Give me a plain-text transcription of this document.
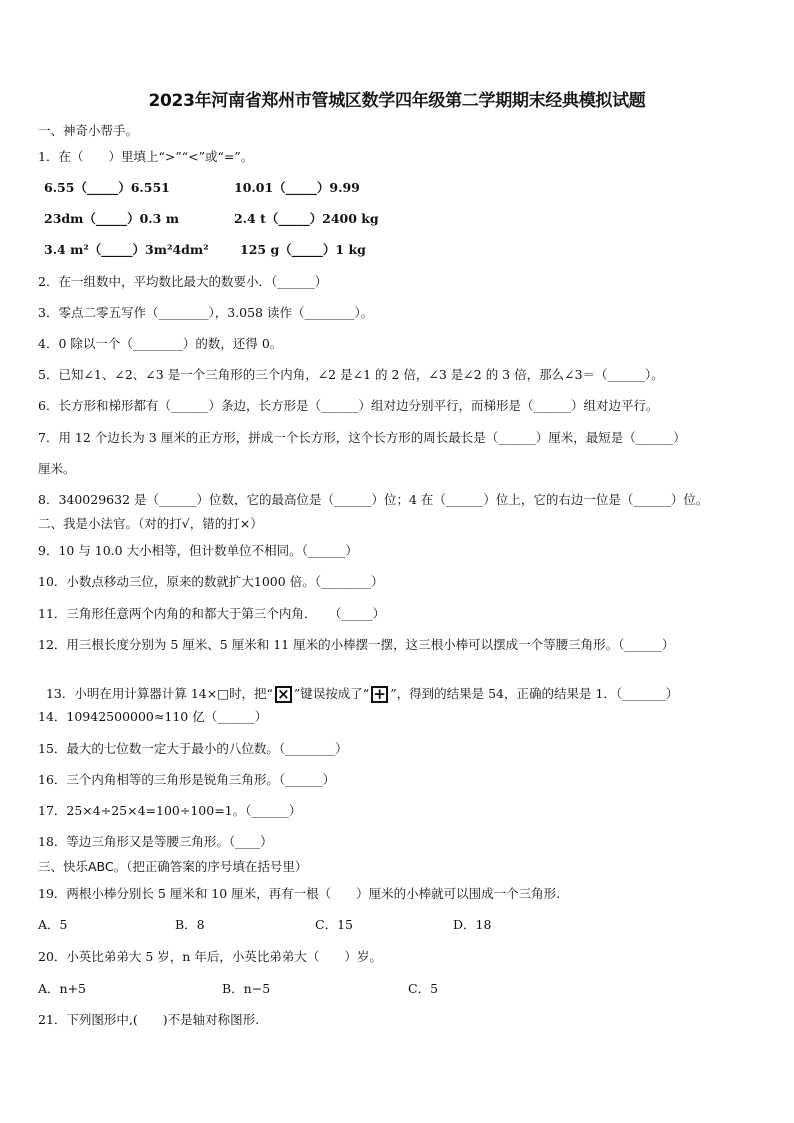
2023年河南省郑州市管城区数学四年级第二学期期末经典模拟试题
一、神奇小帮手。
1．在（　　）里填上“>”“<”或“=”。
6.55（_____）6.551	10.01（_____）9.99
23dm（_____）0.3 m	2.4 t（_____）2400 kg
3.4 m²（_____）3m²4dm²	125 g（_____）1 kg
2．在一组数中，平均数比最大的数要小．（______）
3．零点二零五写作（________），3.058 读作（________）。
4．0 除以一个（________）的数，还得 0。
5．已知∠1、∠2、∠3 是一个三角形的三个内角，∠2 是∠1 的 2 倍，∠3 是∠2 的 3 倍，那么∠3＝（______）。
6．长方形和梯形都有（______）条边，长方形是（______）组对边分别平行，而梯形是（______）组对边平行。
7．用 12 个边长为 3 厘米的正方形，拼成一个长方形，这个长方形的周长最长是（______）厘米，最短是（______）
厘米。
8．340029632 是（______）位数，它的最高位是（______）位；4 在（______）位上，它的右边一位是（______）位。
二、我是小法官。（对的打√，错的打×）
9．10 与 10.0 大小相等，但计数单位不相同。（______）
10．小数点移动三位，原来的数就扩大1000 倍。（________）
11．三角形任意两个内角的和都大于第三个内角．　　（_____）
12．用三根长度分别为 5 厘米、5 厘米和 11 厘米的小棒摆一摆，这三根小棒可以摆成一个等腰三角形。（______）

13．小明在用计算器计算 14×□时，把“ × ”键误按成了“ + ”，得到的结果是 54，正确的结果是 1．（_______）

14．10942500000≈110 亿（______）
15．最大的七位数一定大于最小的八位数。（________）
16．三个内角相等的三角形是锐角三角形。（______）
17．25×4÷25×4=100÷100=1。（______）
18．等边三角形又是等腰三角形。（____）
三、快乐ABC。（把正确答案的序号填在括号里）
19．两根小棒分别长 5 厘米和 10 厘米，再有一根（　　）厘米的小棒就可以围成一个三角形.
A．5	B．8	C．15	D．18
20．小英比弟弟大 5 岁，n 年后，小英比弟弟大（　　）岁。
A．n+5	B．n−5	C．5
21．下列图形中,(　　)不是轴对称图形.
